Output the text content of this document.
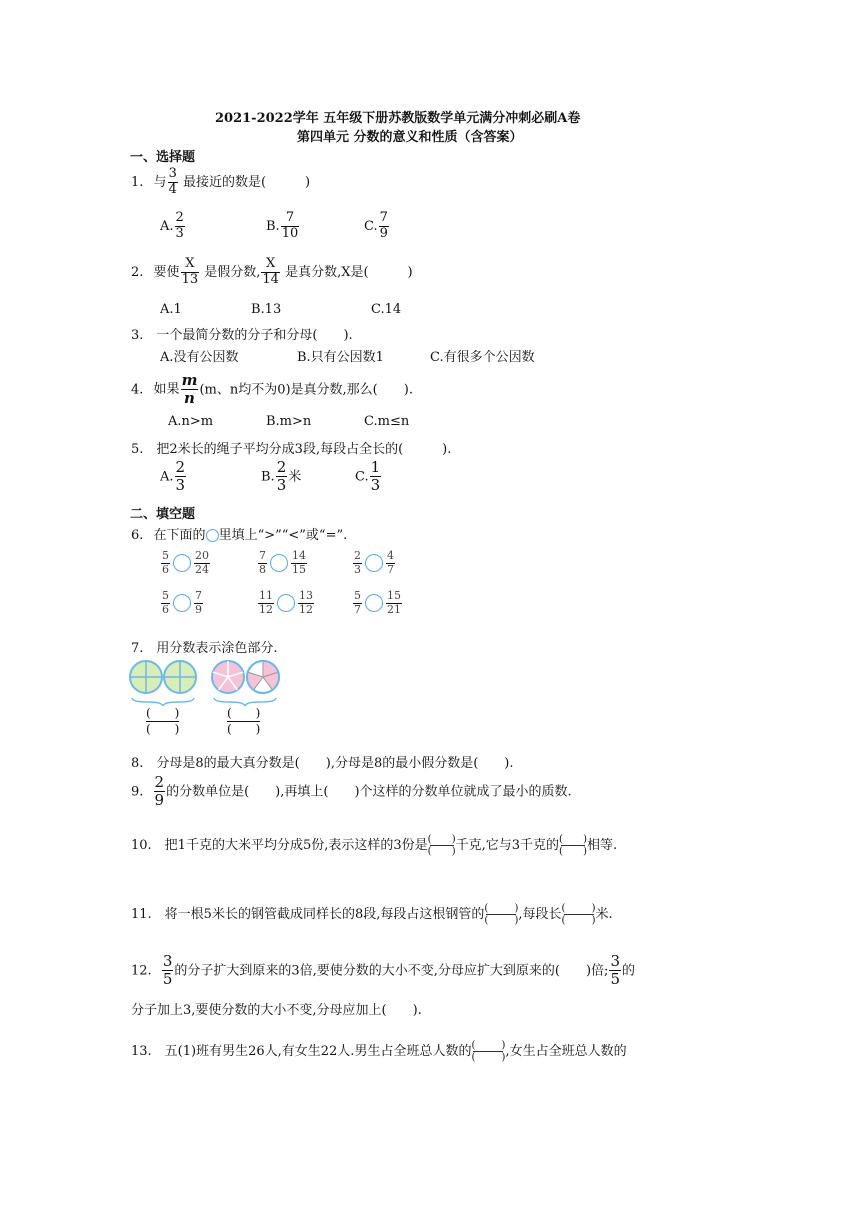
2021-2022学年 五年级下册苏教版数学单元满分冲刺必刷A卷
第四单元 分数的意义和性质（含答案）
一、选择题
1. 与 $\frac{3}{4}$ 最接近的数是(　　　)
A. $\frac{2}{3}$	B. $\frac{7}{10}$	C. $\frac{7}{9}$
2. 要使 $\frac{X}{13}$ 是假分数, $\frac{X}{14}$ 是真分数,X是(　　　)
A.1	B.13	C.14
3.　一个最简分数的分子和分母(　　).
A.没有公因数	B.只有公因数1	C.有很多个公因数
4. 如果 $\frac{m}{n} (m$、n均不为0)是真分数,那么(　　).
A.n>m	B.m>n	C.m≤n
5.　把2米长的绳子平均分成3段,每段占全长的(　　　).
A. $\frac{2}{3}$	B. $\frac{2}{3}$ 米	C. $\frac{1}{3}$
二、填空题
6. 在下面的 里填上“>”“<”或“=”.
$\frac{5}{6} \frac{20}{24}$	$\frac{7}{8} \frac{14}{15}$	$\frac{2}{3} \frac{4}{7}$
$\frac{5}{6} \frac{7}{9}$	$\frac{11}{12} \frac{13}{12}$	$\frac{5}{7} \frac{15}{21}$
7.　用分数表示涂色部分.
(　　)
(　　)
(　　)
(　　)
8.　分母是8的最大真分数是(　　),分母是8的最小假分数是(　　).
9. $\frac{2}{9}$ 的分数单位是(　　),再填上(　　)个这样的分数单位就成了最小的质数.
10.　把1千克的大米平均分成5份,表示这样的3份是 ( )
( ) 千克,它与3千克的 ( )
( ) 相等.
11.　将一根5米长的钢管截成同样长的8段,每段占这根钢管的 (	)
(	) ,每段长 (	)
(	) 米.
12. $\frac{3}{5}$ 的分子扩大到原来的3倍,要使分数的大小不变,分母应扩大到原来的(　　)倍; $\frac{3}{5}$ 的
分子加上3,要使分数的大小不变,分母应加上(　　).
13.　五(1)班有男生26人,有女生22人.男生占全班总人数的 (	)
(	) ,女生占全班总人数的
